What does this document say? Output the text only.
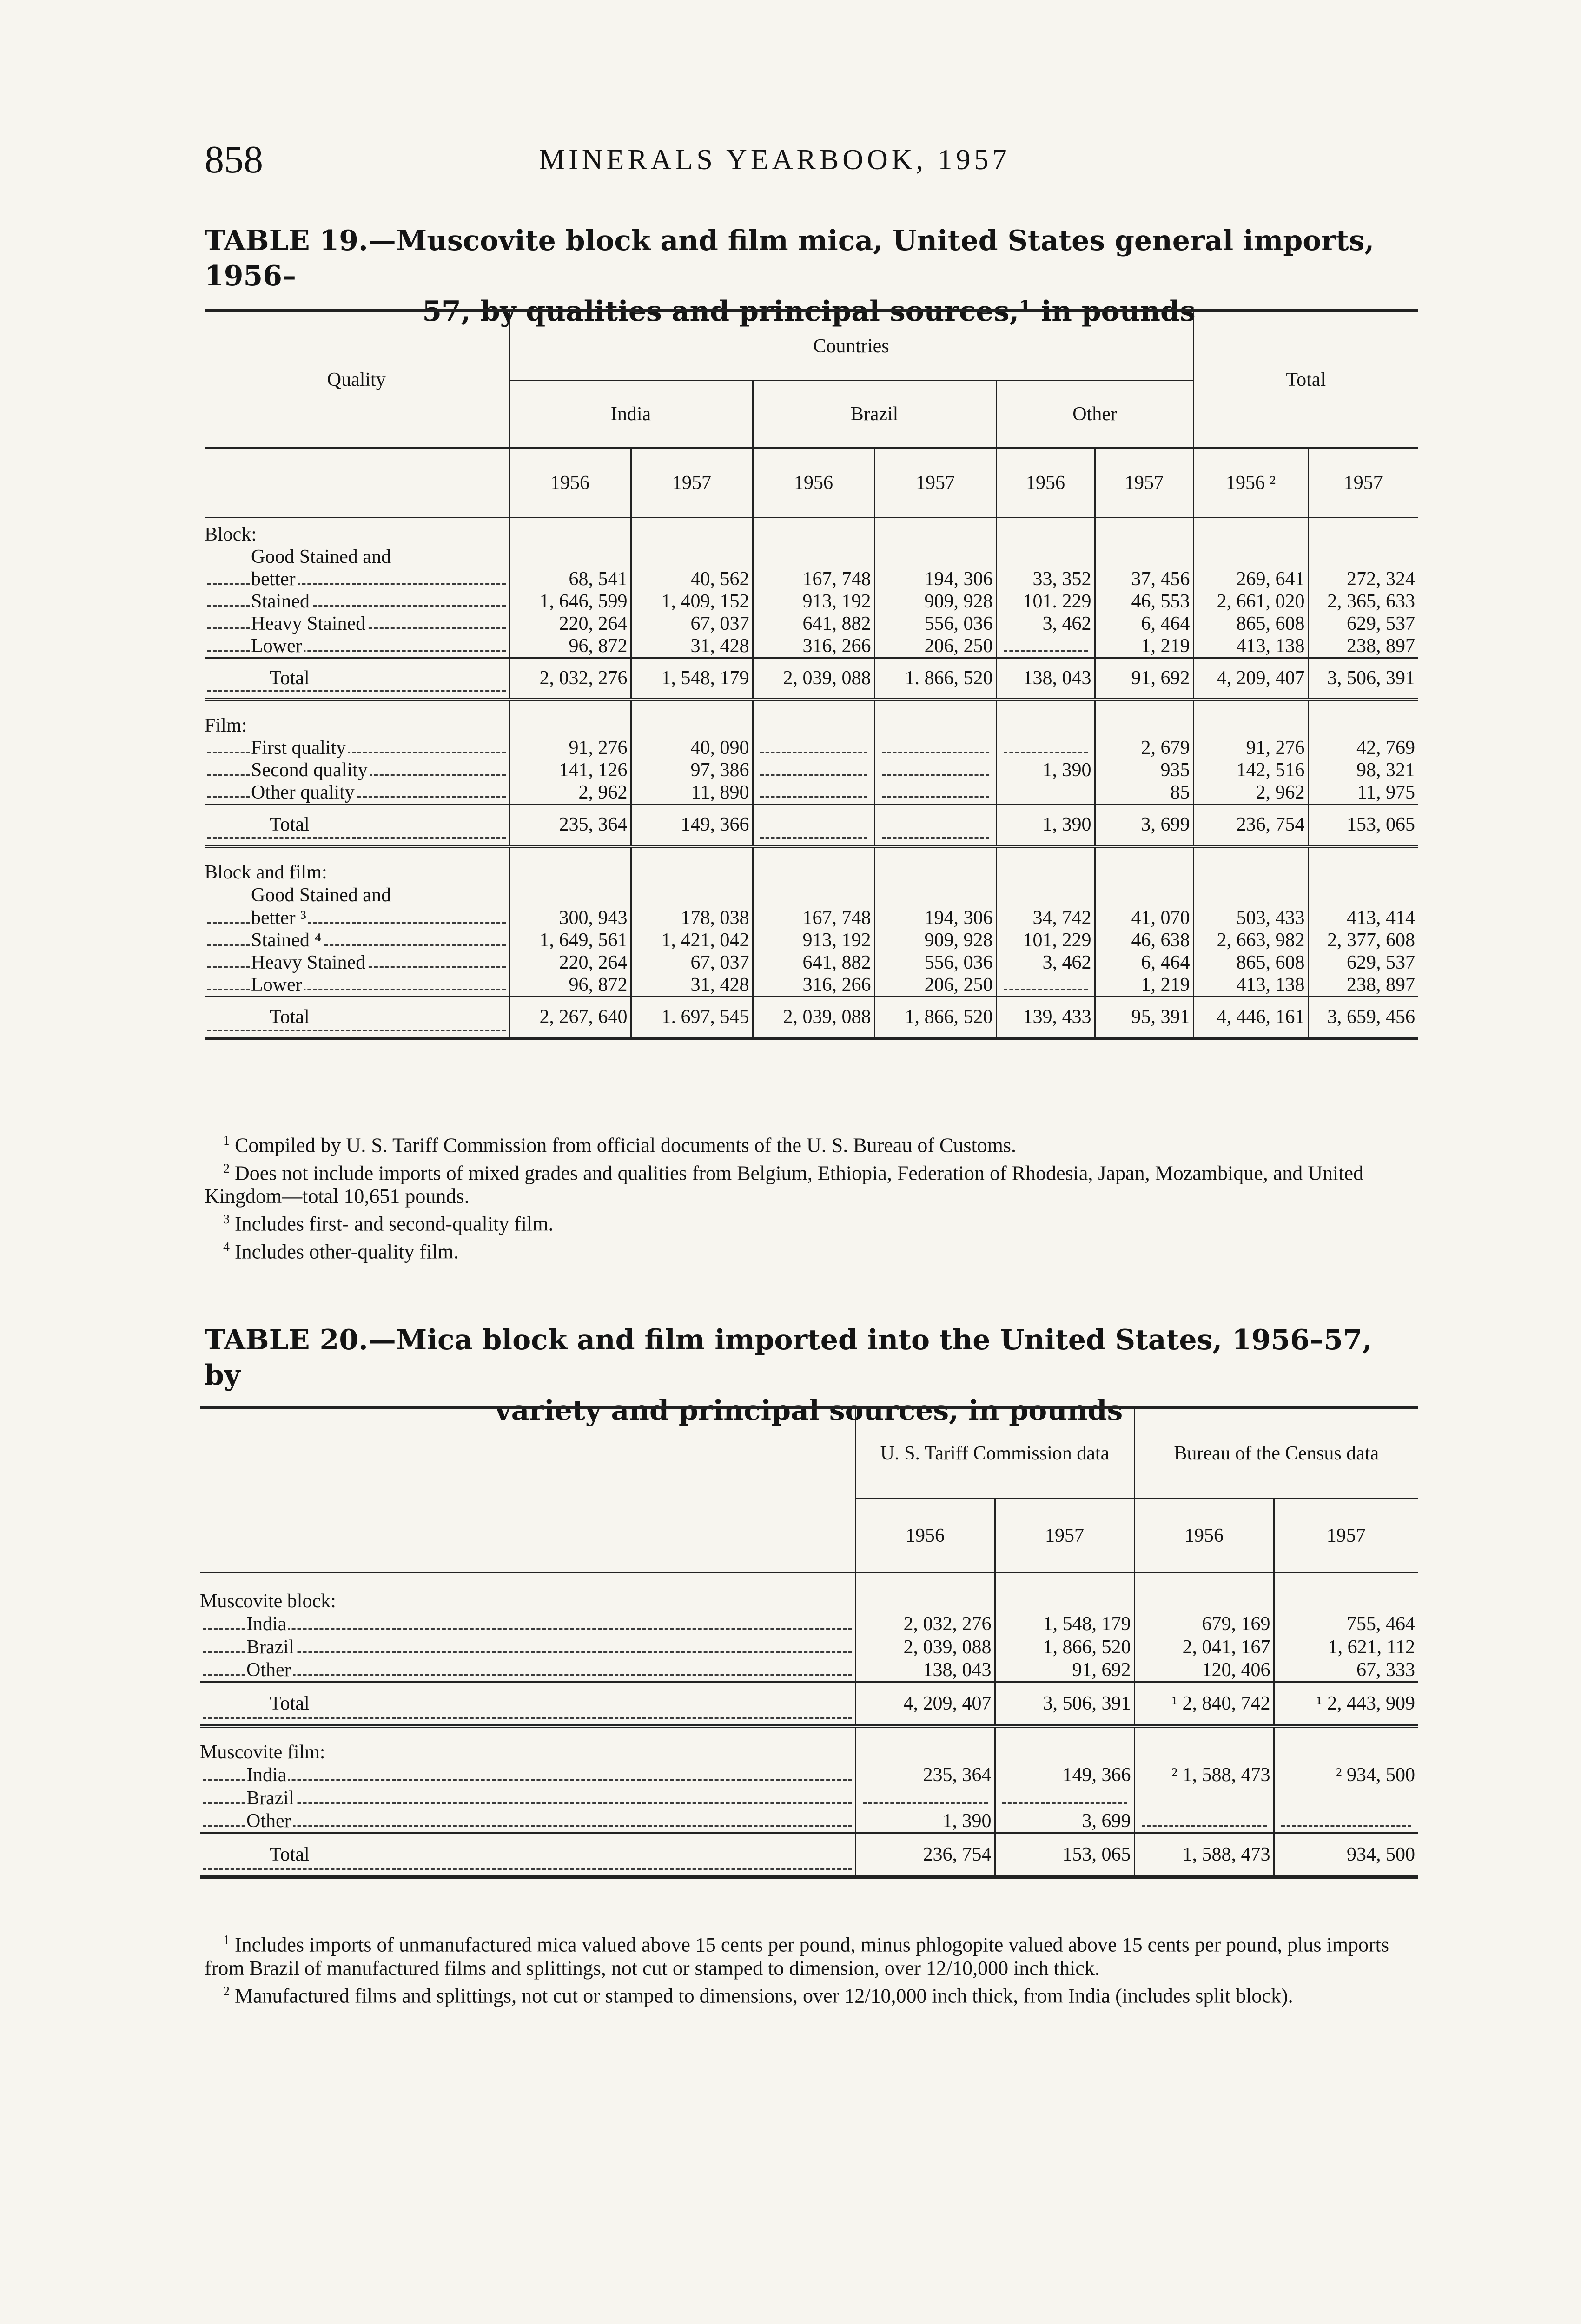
858	MINERALS YEARBOOK, 1957
TABLE 19.—Muscovite block and film mica, United States general imports, 1956–
57, by qualities and principal sources,¹ in pounds
Quality	Countries						Total	
	India		Brazil		Other			
	1956	1957	1956	1957	1956	1957	1956 ²	1957
Block:								
Good Stained and								
better	68, 541	40, 562	167, 748	194, 306	33, 352	37, 456	269, 641	272, 324
Stained	1, 646, 599	1, 409, 152	913, 192	909, 928	101. 229	46, 553	2, 661, 020	2, 365, 633
Heavy Stained	220, 264	67, 037	641, 882	556, 036	3, 462	6, 464	865, 608	629, 537
Lower	96, 872	31, 428	316, 266	206, 250		1, 219	413, 138	238, 897
Total	2, 032, 276	1, 548, 179	2, 039, 088	1. 866, 520	138, 043	91, 692	4, 209, 407	3, 506, 391
Film:								
First quality	91, 276	40, 090				2, 679	91, 276	42, 769
Second quality	141, 126	97, 386			1, 390	935	142, 516	98, 321
Other quality	2, 962	11, 890				85	2, 962	11, 975
Total	235, 364	149, 366			1, 390	3, 699	236, 754	153, 065
Block and film:								
Good Stained and								
better ³	300, 943	178, 038	167, 748	194, 306	34, 742	41, 070	503, 433	413, 414
Stained ⁴	1, 649, 561	1, 421, 042	913, 192	909, 928	101, 229	46, 638	2, 663, 982	2, 377, 608
Heavy Stained	220, 264	67, 037	641, 882	556, 036	3, 462	6, 464	865, 608	629, 537
Lower	96, 872	31, 428	316, 266	206, 250		1, 219	413, 138	238, 897
Total	2, 267, 640	1. 697, 545	2, 039, 088	1, 866, 520	139, 433	95, 391	4, 446, 161	3, 659, 456

$^1$ Compiled by U. S. Tariff Commission from official documents of the U. S. Bureau of Customs.

$^2$ Does not include imports of mixed grades and qualities from Belgium, Ethiopia, Federation of Rhodesia, Japan, Mozambique, and United Kingdom—total 10,651 pounds.

$^3$ Includes first- and second-quality film.

$^4$ Includes other-quality film.

TABLE 20.—Mica block and film imported into the United States, 1956–57, by
variety and principal sources, in pounds
	U. S. Tariff Commission data		Bureau of the Census data	
	1956	1957	1956	1957
Muscovite block:				
India	2, 032, 276	1, 548, 179	679, 169	755, 464
Brazil	2, 039, 088	1, 866, 520	2, 041, 167	1, 621, 112
Other	138, 043	91, 692	120, 406	67, 333
Total	4, 209, 407	3, 506, 391	¹ 2, 840, 742	¹ 2, 443, 909
Muscovite film:				
India	235, 364	149, 366	² 1, 588, 473	² 934, 500
Brazil				
Other	1, 390	3, 699		
Total	236, 754	153, 065	1, 588, 473	934, 500

$^1$ Includes imports of unmanufactured mica valued above 15 cents per pound, minus phlogopite valued above 15 cents per pound, plus imports from Brazil of manufactured films and splittings, not cut or stamped to dimension, over 12/10,000 inch thick.

$^2$ Manufactured films and splittings, not cut or stamped to dimensions, over 12/10,000 inch thick, from India (includes split block).
